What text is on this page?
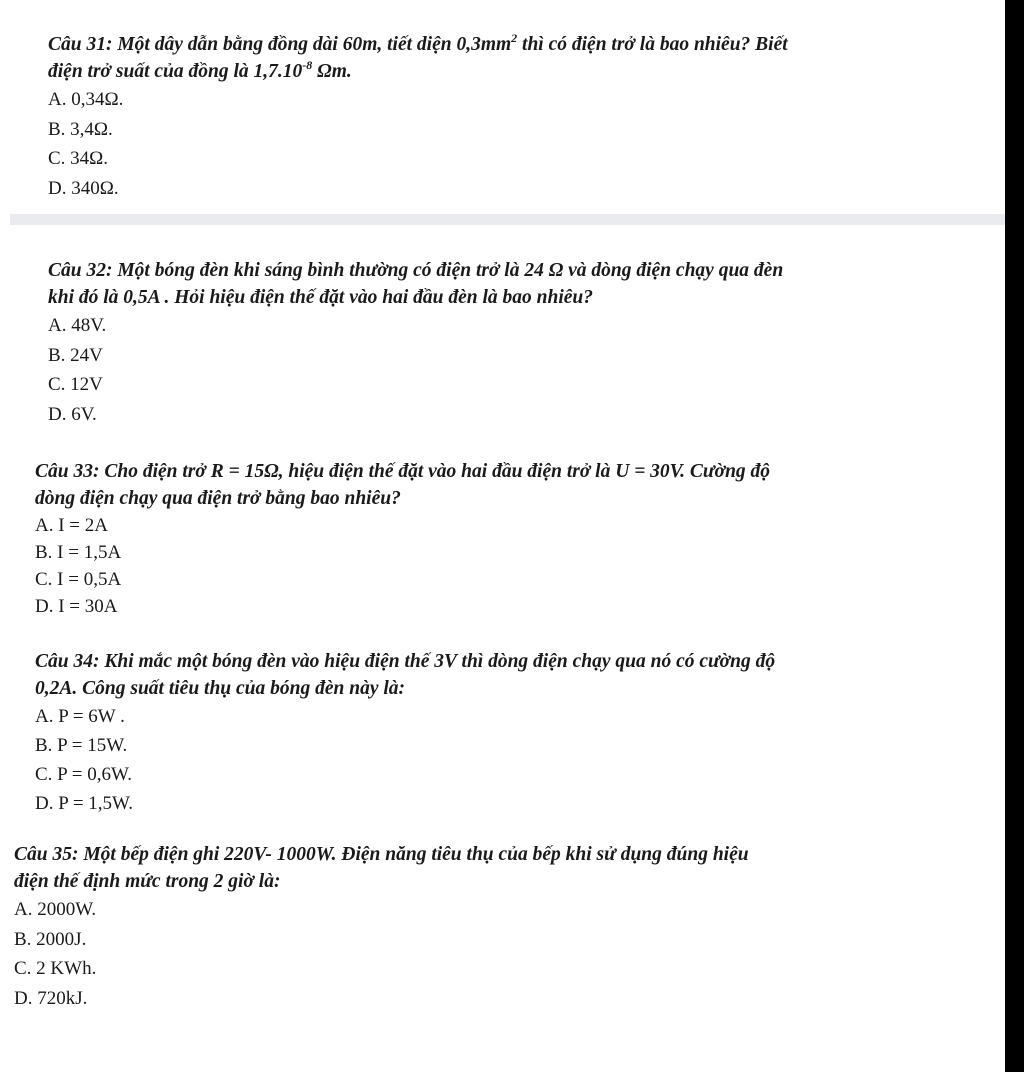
Câu 31: Một dây dẫn bằng đồng dài 60m, tiết diện $0,3mm^2$ thì có điện trở là bao nhiêu? Biết
điện trở suất của đồng là $1,7.10^{-8}$ Ωm.

A. 0,34Ω.
B. 3,4Ω.
C. 34Ω.
D. 340Ω.

Câu 32: Một bóng đèn khi sáng bình thường có điện trở là 24 Ω và dòng điện chạy qua đèn
khi đó là 0,5A . Hỏi hiệu điện thế đặt vào hai đầu đèn là bao nhiêu?

A. 48V.
B. 24V
C. 12V
D. 6V.

Câu 33: Cho điện trở R = 15Ω, hiệu điện thế đặt vào hai đầu điện trở là U = 30V. Cường độ
dòng điện chạy qua điện trở bằng bao nhiêu?

A. I = 2A
B. I = 1,5A
C. I = 0,5A
D. I = 30A

Câu 34: Khi mắc một bóng đèn vào hiệu điện thế 3V thì dòng điện chạy qua nó có cường độ
0,2A. Công suất tiêu thụ của bóng đèn này là:

A. P = 6W .
B. P = 15W.
C. P = 0,6W.
D. P = 1,5W.

Câu 35: Một bếp điện ghi 220V- 1000W. Điện năng tiêu thụ của bếp khi sử dụng đúng hiệu
điện thế định mức trong 2 giờ là:

A. 2000W.
B. 2000J.
C. 2 KWh.
D. 720kJ.
